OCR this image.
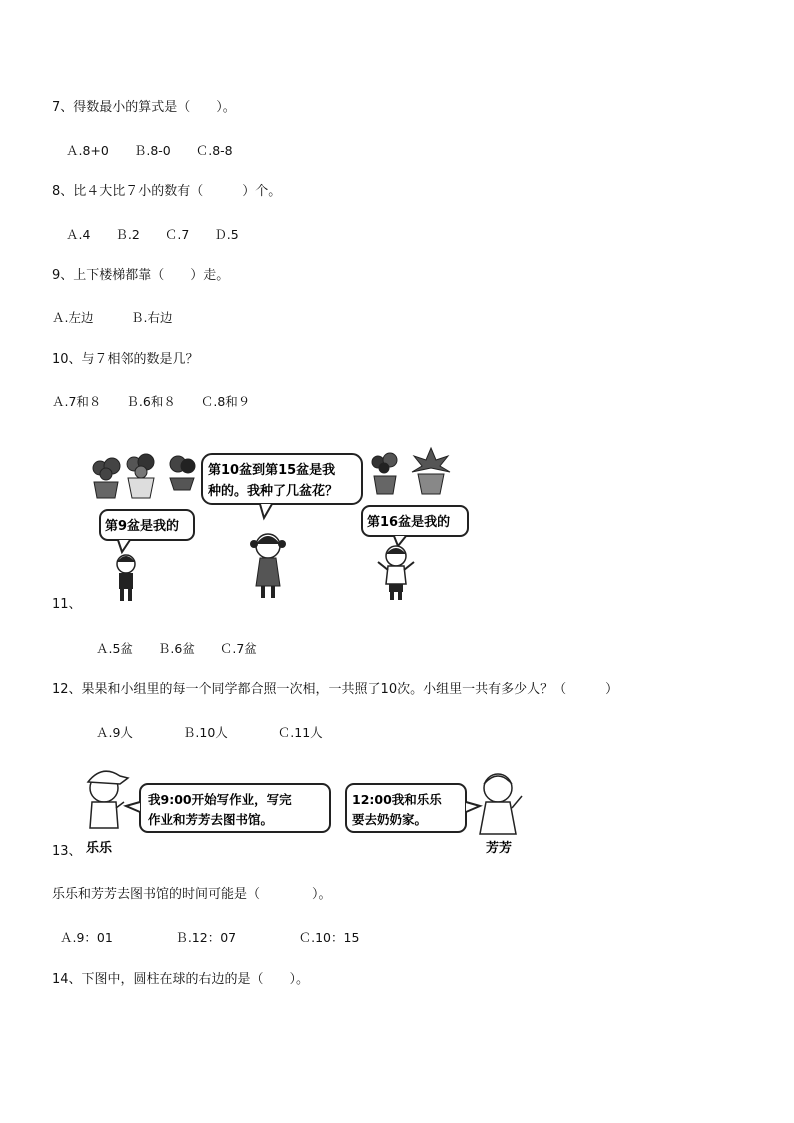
7、得数最小的算式是（　　）。
Ａ.8+0　　Ｂ.8-0　　Ｃ.8-8
8、比４大比７小的数有（　　　）个。
Ａ.4　　Ｂ.2　　Ｃ.7　　Ｄ.5
9、上下楼梯都靠（　　）走。
Ａ.左边　　　Ｂ.右边
10、与７相邻的数是几？
Ａ.7和８　　Ｂ.6和８　　Ｃ.8和９
第10盆到第15盆是我
种的。我种了几盆花？
第9盆是我的	第16盆是我的
11、
Ａ.5盆　　Ｂ.6盆　　Ｃ.7盆
12、果果和小组里的每一个同学都合照一次相，一共照了10次。小组里一共有多少人？（　　　）
Ａ.9人　　　　Ｂ.10人　　　　Ｃ.11人
我9:00开始写作业，写完
作业和芳芳去图书馆。
12:00我和乐乐
要去奶奶家。
乐乐	芳芳
13、
乐乐和芳芳去图书馆的时间可能是（　　　　）。
Ａ.9：01　　　　　Ｂ.12：07　　　　　Ｃ.10：15
14、下图中，圆柱在球的右边的是（　　）。
